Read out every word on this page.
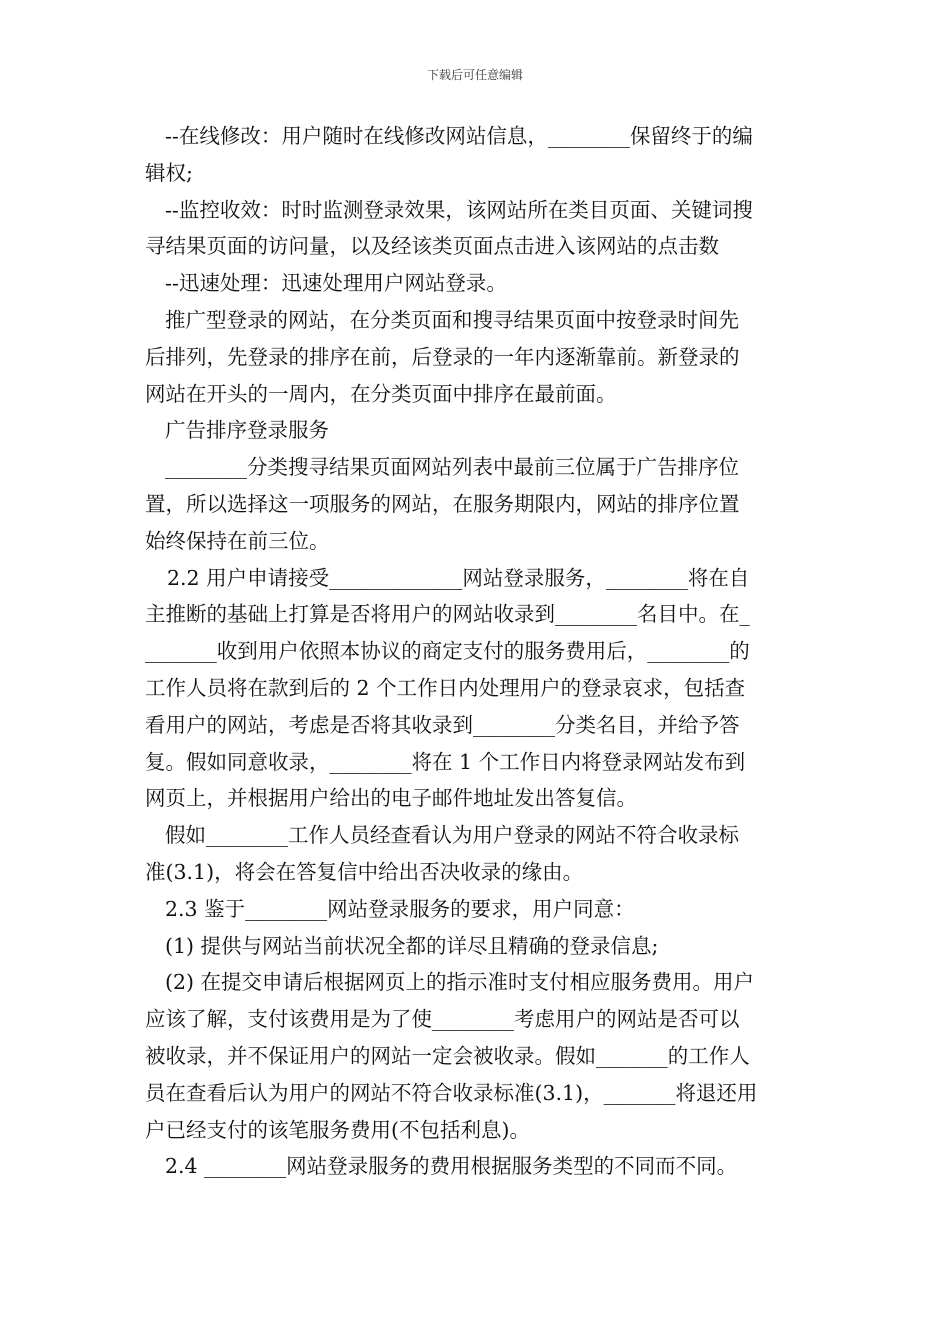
下载后可任意编辑
--在线修改：用户随时在线修改网站信息，________保留终于的编
辑权;
--监控收效：时时监测登录效果，该网站所在类目页面、关键词搜
寻结果页面的访问量，以及经该类页面点击进入该网站的点击数
--迅速处理：迅速处理用户网站登录。
推广型登录的网站，在分类页面和搜寻结果页面中按登录时间先
后排列，先登录的排序在前，后登录的一年内逐渐靠前。新登录的
网站在开头的一周内，在分类页面中排序在最前面。
广告排序登录服务
________分类搜寻结果页面网站列表中最前三位属于广告排序位
置，所以选择这一项服务的网站，在服务期限内，网站的排序位置
始终保持在前三位。
2.2 用户申请接受_____________网站登录服务，________将在自
主推断的基础上打算是否将用户的网站收录到________名目中。在_
_______收到用户依照本协议的商定支付的服务费用后，________的
工作人员将在款到后的 2 个工作日内处理用户的登录哀求，包括查
看用户的网站，考虑是否将其收录到________分类名目，并给予答
复。假如同意收录，________将在 1 个工作日内将登录网站发布到
网页上，并根据用户给出的电子邮件地址发出答复信。
假如________工作人员经查看认为用户登录的网站不符合收录标
准(3.1)，将会在答复信中给出否决收录的缘由。
2.3 鉴于________网站登录服务的要求，用户同意：
(1) 提供与网站当前状况全都的详尽且精确的登录信息;
(2) 在提交申请后根据网页上的指示准时支付相应服务费用。用户
应该了解，支付该费用是为了使________考虑用户的网站是否可以
被收录，并不保证用户的网站一定会被收录。假如_______的工作人
员在查看后认为用户的网站不符合收录标准(3.1)，_______将退还用
户已经支付的该笔服务费用(不包括利息)。
2.4 ________网站登录服务的费用根据服务类型的不同而不同。
